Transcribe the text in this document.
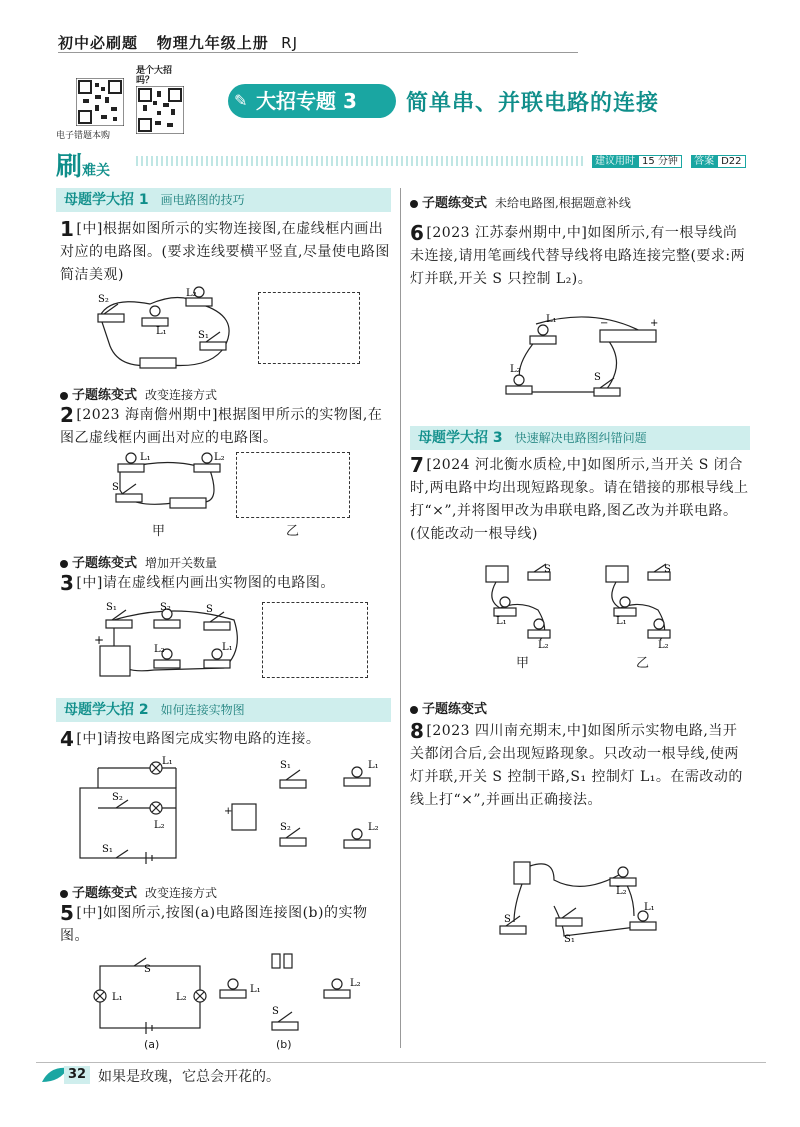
初中必刷题 物理九年级上册 RJ
电子错题本购
是个大招吗？
✎ 大招专题 3	简单串、并联电路的连接
刷难关
建议用时 15 分钟 答案 D22
母题学大招 1 画电路图的技巧
1 [中]根据如图所示的实物连接图,在虚线框内画出对应的电路图。(要求连线要横平竖直,尽量使电路图简洁美观)
S₂
L₂
L₁	S₁
子题练变式 改变连接方式
2 [2023 海南儋州期中]根据图甲所示的实物图,在图乙虚线框内画出对应的电路图。
L₁	L₂
S
甲	乙
子题练变式 增加开关数量
3 [中]请在虚线框内画出实物图的电路图。
S₁	S₂	S
L₂	L₁
+
母题学大招 2 如何连接实物图
4 [中]请按电路图完成实物电路的连接。
L₁
S₂
L₂
S₁
S₁	L₁
S₂	L₂
+
子题练变式 改变连接方式
5 [中]如图所示,按图(a)电路图连接图(b)的实物图。
S
L₁	L₂
L₁
L₂
S
(a)	(b)
子题练变式 未给电路图,根据题意补线
6 [2023 江苏泰州期中,中]如图所示,有一根导线尚未连接,请用笔画线代替导线将电路连接完整(要求:两灯并联,开关 S 只控制 L₂)。
L₁
L₂
S
−	+
母题学大招 3 快速解决电路图纠错问题
7 [2024 河北衡水质检,中]如图所示,当开关 S 闭合时,两电路中均出现短路现象。请在错接的那根导线上打“×”,并将图甲改为串联电路,图乙改为并联电路。(仅能改动一根导线)
S
L₁
L₂
S
L₁
L₂
甲	乙
子题练变式
8 [2023 四川南充期末,中]如图所示实物电路,当开关都闭合后,会出现短路现象。只改动一根导线,使两灯并联,开关 S 控制干路,S₁ 控制灯 L₁。在需改动的线上打“×”,并画出正确接法。
L₂
L₁
S
S₁
32 如果是玫瑰，它总会开花的。
